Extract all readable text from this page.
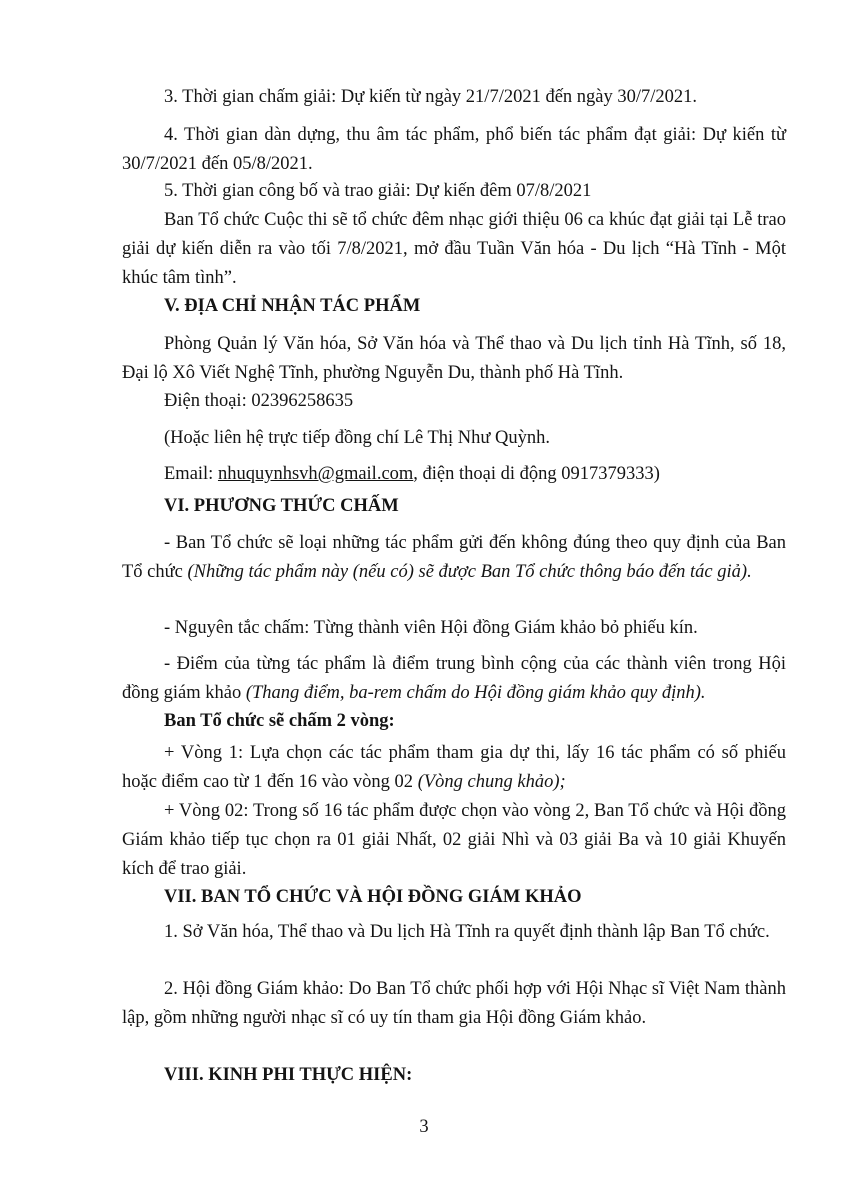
3. Thời gian chấm giải: Dự kiến từ ngày 21/7/2021 đến ngày 30/7/2021.

4. Thời gian dàn dựng, thu âm tác phẩm, phổ biến tác phẩm đạt giải: Dự kiến từ 30/7/2021 đến 05/8/2021.

5. Thời gian công bố và trao giải: Dự kiến đêm 07/8/2021

Ban Tổ chức Cuộc thi sẽ tổ chức đêm nhạc giới thiệu 06 ca khúc đạt giải tại Lễ trao giải dự kiến diễn ra vào tối 7/8/2021, mở đầu Tuần Văn hóa - Du lịch “Hà Tĩnh - Một khúc tâm tình”.

V. ĐỊA CHỈ NHẬN TÁC PHẨM

Phòng Quản lý Văn hóa, Sở Văn hóa và Thể thao và Du lịch tỉnh Hà Tĩnh, số 18, Đại lộ Xô Viết Nghệ Tĩnh, phường Nguyễn Du, thành phố Hà Tĩnh.

Điện thoại: 02396258635

(Hoặc liên hệ trực tiếp đồng chí Lê Thị Như Quỳnh.

Email: nhuquynhsvh@gmail.com, điện thoại di động 0917379333)

VI. PHƯƠNG THỨC CHẤM

- Ban Tổ chức sẽ loại những tác phẩm gửi đến không đúng theo quy định của Ban Tổ chức (Những tác phẩm này (nếu có) sẽ được Ban Tổ chức thông báo đến tác giả).

- Nguyên tắc chấm: Từng thành viên Hội đồng Giám khảo bỏ phiếu kín.

- Điểm của từng tác phẩm là điểm trung bình cộng của các thành viên trong Hội đồng giám khảo (Thang điểm, ba-rem chấm do Hội đồng giám khảo quy định).

Ban Tổ chức sẽ chấm 2 vòng:

+ Vòng 1: Lựa chọn các tác phẩm tham gia dự thi, lấy 16 tác phẩm có số phiếu hoặc điểm cao từ 1 đến 16 vào vòng 02 (Vòng chung khảo);

+ Vòng 02: Trong số 16 tác phẩm được chọn vào vòng 2, Ban Tổ chức và Hội đồng Giám khảo tiếp tục chọn ra 01 giải Nhất, 02 giải Nhì và 03 giải Ba và 10 giải Khuyến kích để trao giải.

VII. BAN TỔ CHỨC VÀ HỘI ĐỒNG GIÁM KHẢO

1. Sở Văn hóa, Thể thao và Du lịch Hà Tĩnh ra quyết định thành lập Ban Tổ chức.

2. Hội đồng Giám khảo: Do Ban Tổ chức phối hợp với Hội Nhạc sĩ Việt Nam thành lập, gồm những người nhạc sĩ có uy tín tham gia Hội đồng Giám khảo.

VIII. KINH PHI THỰC HIỆN:

3
